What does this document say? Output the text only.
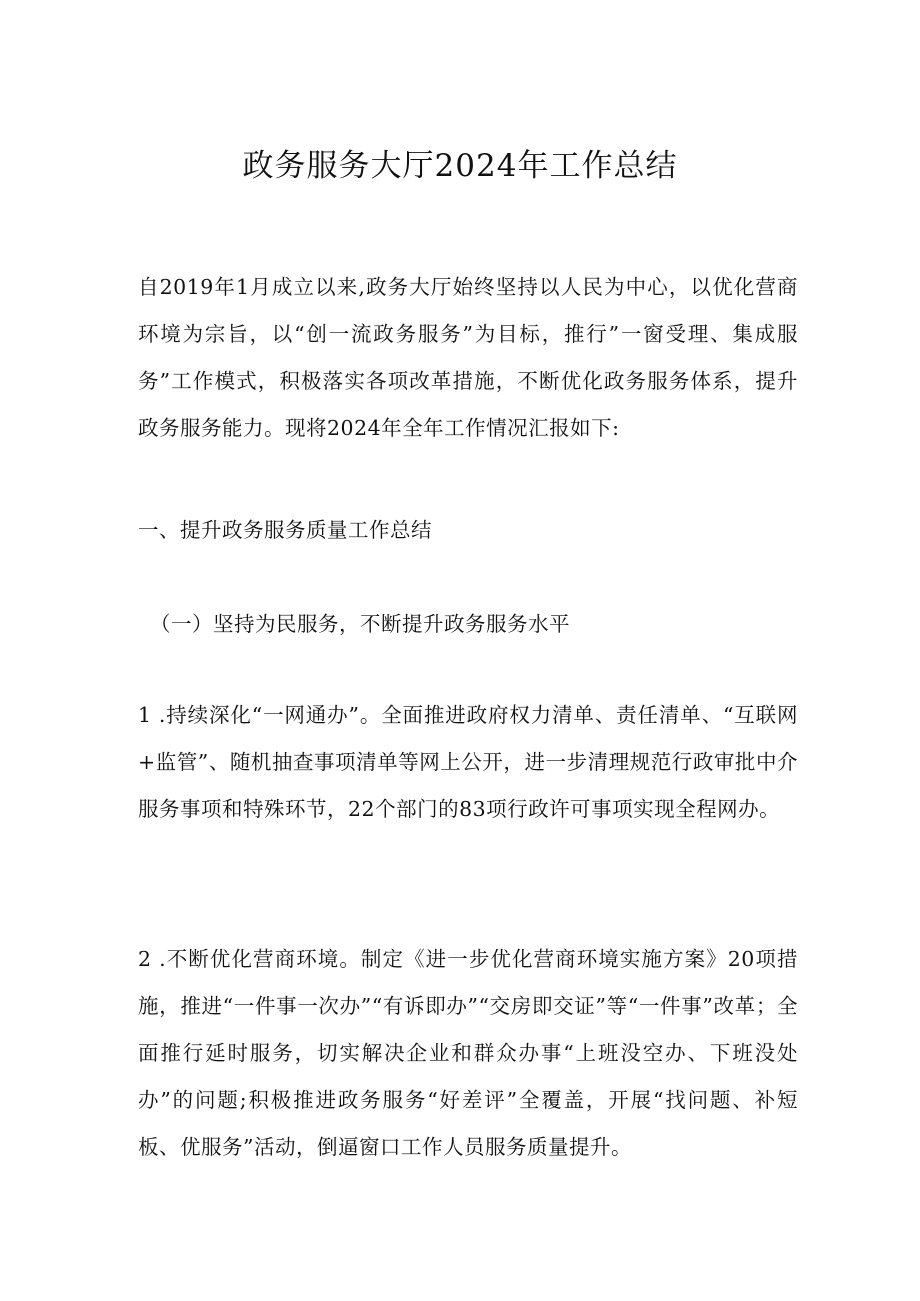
政务服务大厅2024年工作总结

自2019年1月成立以来,政务大厅始终坚持以人民为中心，以优化营商环境为宗旨，以“创一流政务服务”为目标，推行”一窗受理、集成服务”工作模式，积极落实各项改革措施，不断优化政务服务体系，提升政务服务能力。现将2024年全年工作情况汇报如下:

一、提升政务服务质量工作总结

（一）坚持为民服务，不断提升政务服务水平

1 .持续深化“一网通办”。全面推进政府权力清单、责任清单、“互联网+监管”、随机抽查事项清单等网上公开，进一步清理规范行政审批中介服务事项和特殊环节，22个部门的83项行政许可事项实现全程网办。

2 .不断优化营商环境。制定《进一步优化营商环境实施方案》20项措施，推进“一件事一次办”“有诉即办”“交房即交证”等“一件事”改革；全面推行延时服务，切实解决企业和群众办事“上班没空办、下班没处办”的问题;积极推进政务服务“好差评”全覆盖，开展“找问题、补短板、优服务”活动，倒逼窗口工作人员服务质量提升。
